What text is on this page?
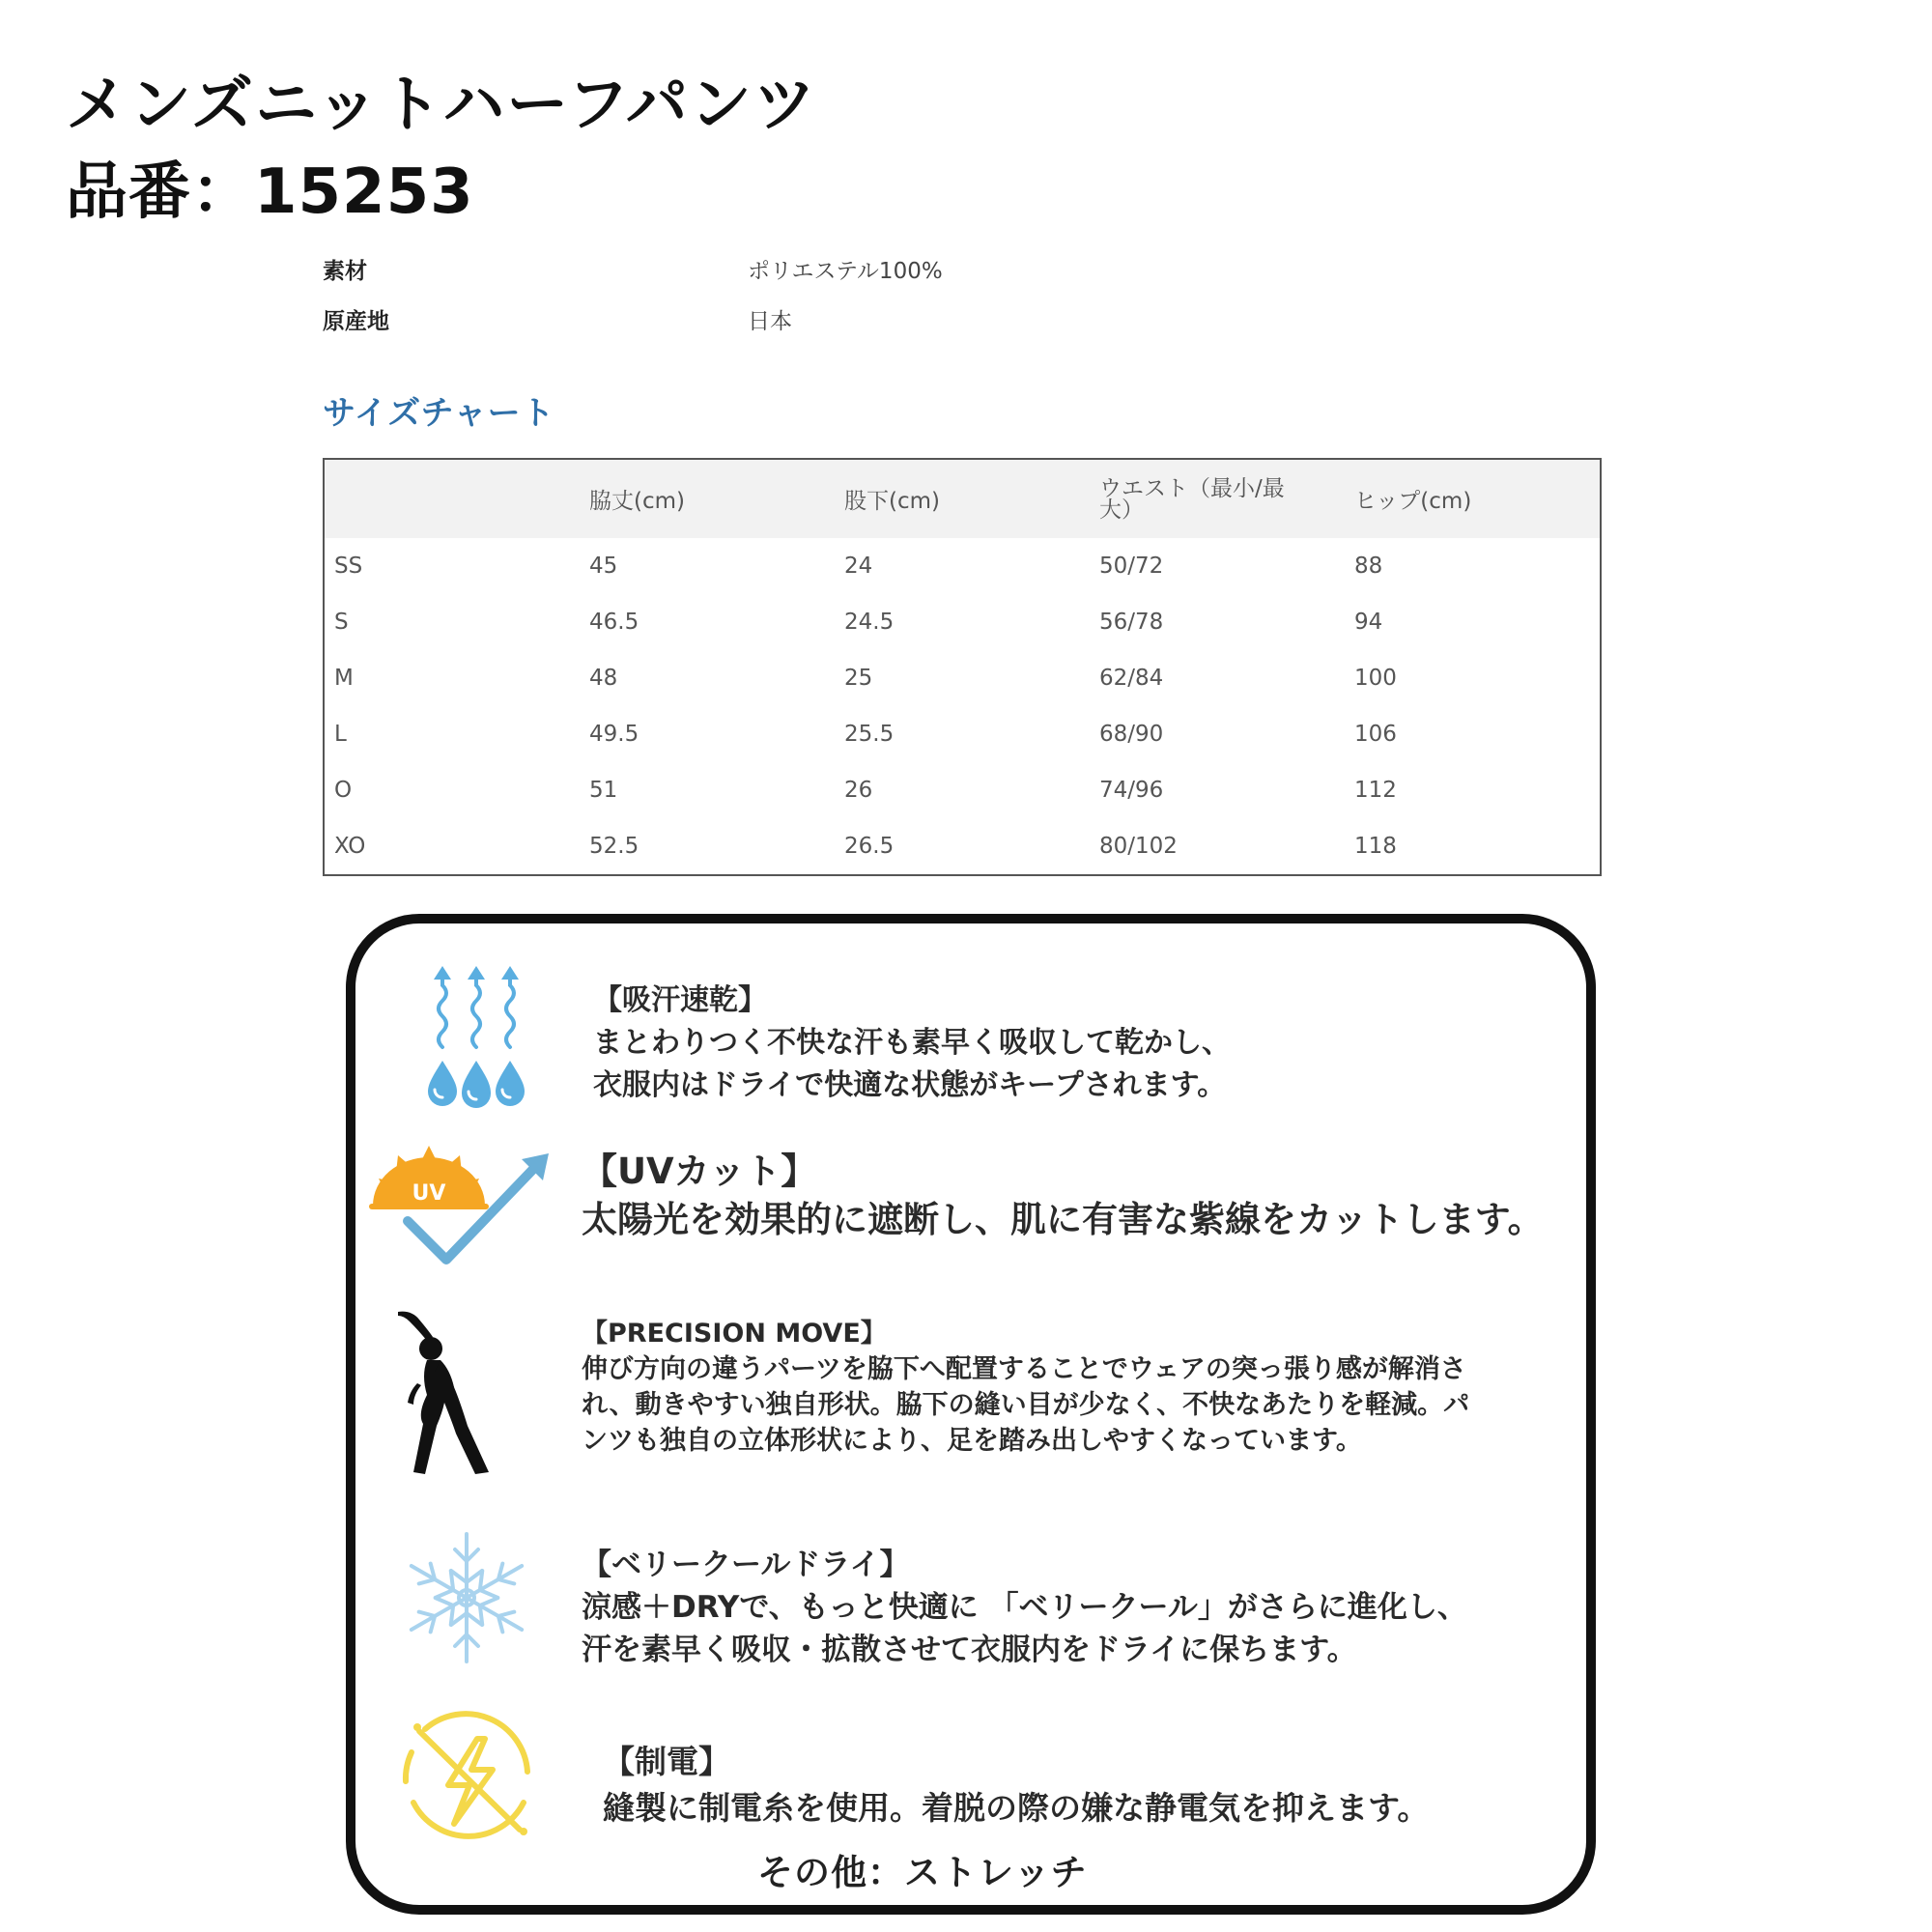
メンズニットハーフパンツ
品番：15253
素材	ポリエステル100%
原産地	日本
サイズチャート
	脇丈(cm)	股下(cm)	ウエスト（最小/最大）	ヒップ(cm)
SS	45	24	50/72	88
S	46.5	24.5	56/78	94
M	48	25	62/84	100
L	49.5	25.5	68/90	106
O	51	26	74/96	112
XO	52.5	26.5	80/102	118
【吸汗速乾】
まとわりつく不快な汗も素早く吸収して乾かし、
衣服内はドライで快適な状態がキープされます。
UV
【UVカット】
太陽光を効果的に遮断し、肌に有害な紫線をカットします。
【PRECISION MOVE】
伸び方向の違うパーツを脇下へ配置することでウェアの突っ張り感が解消さ
れ、動きやすい独自形状。脇下の縫い目が少なく、不快なあたりを軽減。パ
ンツも独自の立体形状により、足を踏み出しやすくなっています。
【ベリークールドライ】
涼感＋DRYで、もっと快適に 「ベリークール」がさらに進化し、
汗を素早く吸収・拡散させて衣服内をドライに保ちます。
【制電】
縫製に制電糸を使用。着脱の際の嫌な静電気を抑えます。
その他：ストレッチ
